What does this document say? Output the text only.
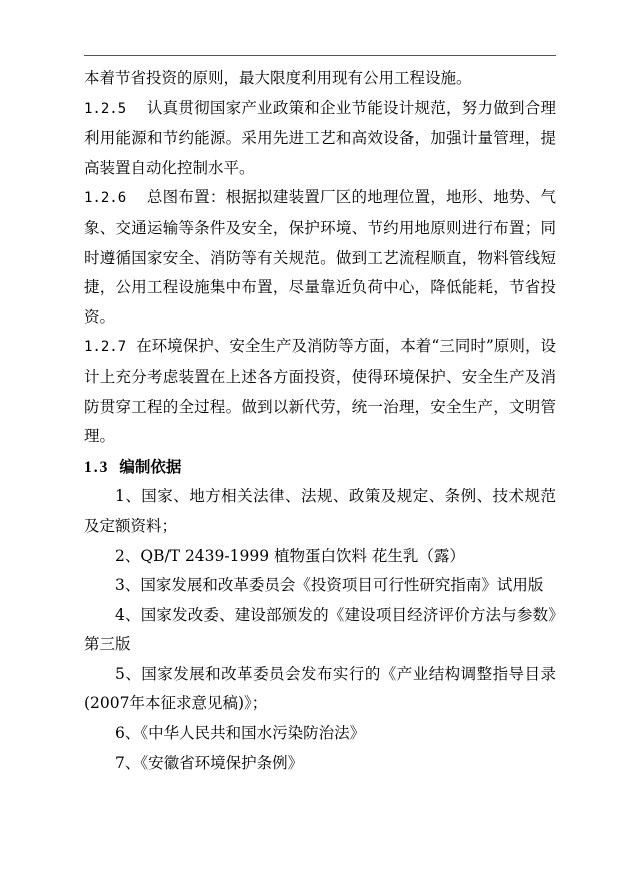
本着节省投资的原则，最大限度利用现有公用工程设施。

1.2.5 认真贯彻国家产业政策和企业节能设计规范，努力做到合理利用能源和节约能源。采用先进工艺和高效设备，加强计量管理，提高装置自动化控制水平。

1.2.6 总图布置：根据拟建装置厂区的地理位置，地形、地势、气象、交通运输等条件及安全，保护环境、节约用地原则进行布置；同时遵循国家安全、消防等有关规范。做到工艺流程顺直，物料管线短捷，公用工程设施集中布置，尽量靠近负荷中心，降低能耗，节省投资。

1.2.7 在环境保护、安全生产及消防等方面，本着“三同时”原则，设计上充分考虑装置在上述各方面投资，使得环境保护、安全生产及消防贯穿工程的全过程。做到以新代劳，统一治理，安全生产，文明管理。

1.3 编制依据

1、国家、地方相关法律、法规、政策及规定、条例、技术规范及定额资料；

2、QB/T 2439-1999 植物蛋白饮料 花生乳（露）

3、国家发展和改革委员会《投资项目可行性研究指南》试用版

4、国家发改委、建设部颁发的《建设项目经济评价方法与参数》第三版

5、国家发展和改革委员会发布实行的《产业结构调整指导目录(2007年本征求意见稿)》；

6、《中华人民共和国水污染防治法》

7、《安徽省环境保护条例》
